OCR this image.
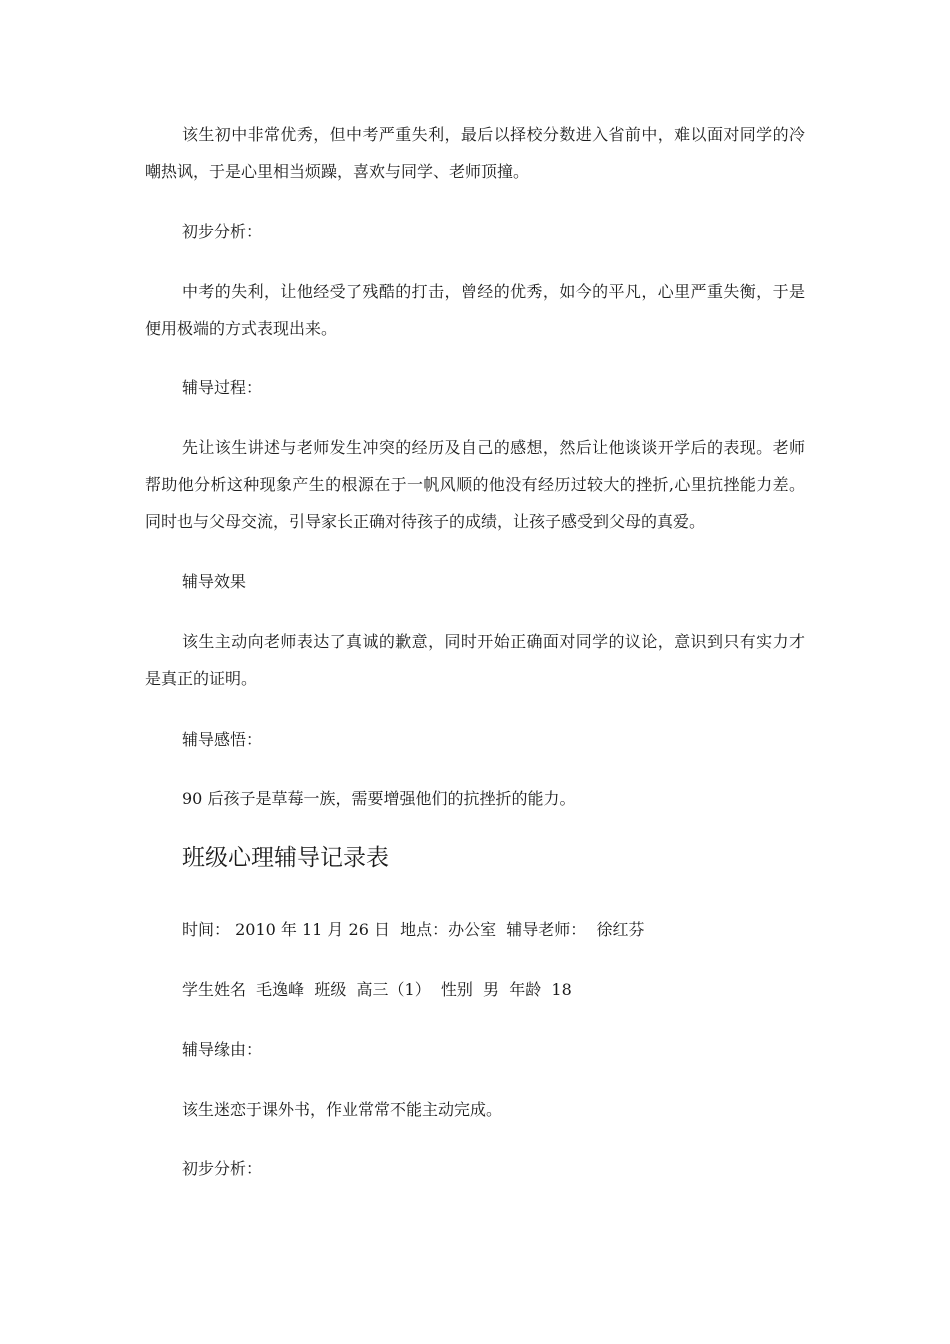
该生初中非常优秀，但中考严重失利，最后以择校分数进入省前中，难以面对同学的冷嘲热讽，于是心里相当烦躁，喜欢与同学、老师顶撞。

初步分析：

中考的失利，让他经受了残酷的打击，曾经的优秀，如今的平凡，心里严重失衡，于是便用极端的方式表现出来。

辅导过程：

先让该生讲述与老师发生冲突的经历及自己的感想，然后让他谈谈开学后的表现。老师帮助他分析这种现象产生的根源在于一帆风顺的他没有经历过较大的挫折,心里抗挫能力差。同时也与父母交流，引导家长正确对待孩子的成绩，让孩子感受到父母的真爱。

辅导效果

该生主动向老师表达了真诚的歉意，同时开始正确面对同学的议论，意识到只有实力才是真正的证明。

辅导感悟：

90 后孩子是草莓一族，需要增强他们的抗挫折的能力。

班级心理辅导记录表

时间： 2010 年 11 月 26 日  地点：办公室  辅导老师：  徐红芬

学生姓名  毛逸峰  班级  高三（1）  性别  男  年龄  18

辅导缘由：

该生迷恋于课外书，作业常常不能主动完成。

初步分析：
